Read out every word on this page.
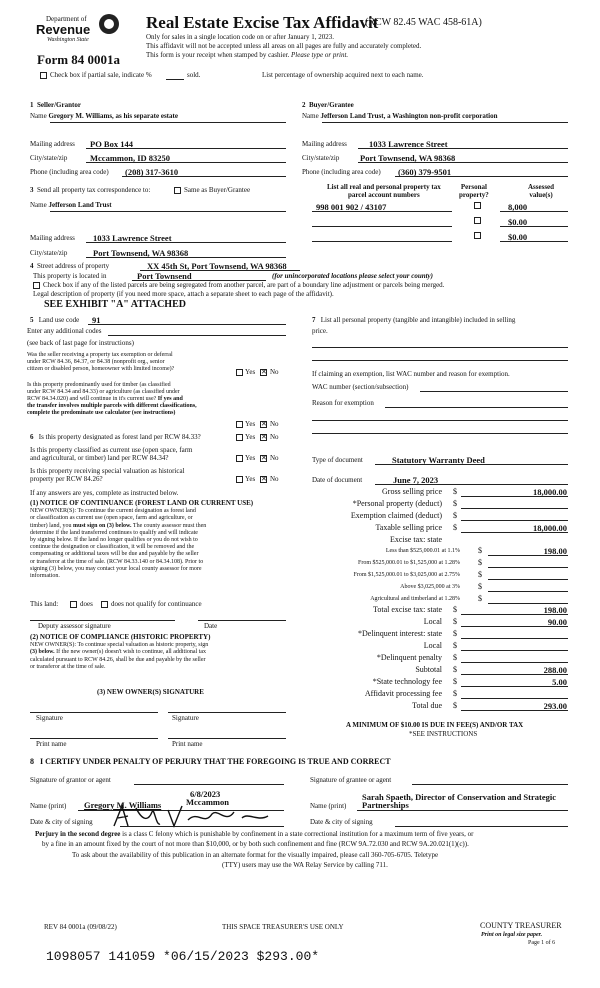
Department of
Revenue
Washington State
Form 84 0001a
Real Estate Excise Tax Affidavit
(RCW 82.45 WAC 458-61A)
Only for sales in a single location code on or after January 1, 2023.
This affidavit will not be accepted unless all areas on all pages are fully and accurately completed.
This form is your receipt when stamped by cashier. Please type or print.
Check box if partial sale, indicate %	sold.	List percentage of ownership acquired next to each name.
1 Seller/Grantor
Name Gregory M. Williams, as his separate estate
Mailing address PO Box 144
City/state/zip	Mccammon, ID 83250
Phone (including area code) (208) 317-3610
2 Buyer/Grantee
Name Jefferson Land Trust, a Washington non-profit corporation
Mailing address	1033 Lawrence Street
City/state/zip Port Townsend, WA 98368
Phone (including area code) (360) 379-9501
List all real and personal property tax
parcel account numbers
Personal
property?
Assessed
value(s)
998 001 902 / 43107	8,000
$0.00
$0.00
3 Send all property tax correspondence to:	Same as Buyer/Grantee
Name Jefferson Land Trust
Mailing address 1033 Lawrence Street
City/state/zip	Port Townsend, WA 98368
4 Street address of property	XX 45th St, Port Townsend, WA 98368
This property is located in	Port Townsend	(for unincorporated locations please select your county)
Check box if any of the listed parcels are being segregated from another parcel, are part of a boundary line adjustment or parcels being merged.
Legal description of property (if you need more space, attach a separate sheet to each page of the affidavit).
SEE EXHIBIT "A" ATTACHED
5 Land use code 91
Enter any additional codes
(see back of last page for instructions)
Was the seller receiving a property tax exemption or deferral
under RCW 84.36, 84.37, or 84.38 (nonprofit org., senior
citizen or disabled person, homeowner with limited income)?	Yes ✕ No
Is this property predominantly used for timber (as classified
under RCW 84.34 and 84.33) or agriculture (as classified under
RCW 84.34.020) and will continue in it's current use? If yes and
the transfer involves multiple parcels with different classifications,
complete the predominate use calculator (see instructions)
Yes ✕ No
6 Is this property designated as forest land per RCW 84.33?	Yes ✕ No
Is this property classified as current use (open space, farm
and agricultural, or timber) land per RCW 84.34?	Yes ✕ No
Is this property receiving special valuation as historical
property per RCW 84.26?	Yes ✕ No
If any answers are yes, complete as instructed below.
(1) NOTICE OF CONTINUANCE (FOREST LAND OR CURRENT USE)
NEW OWNER(S): To continue the current designation as forest land
or classification as current use (open space, farm and agriculture, or
timber) land, you must sign on (3) below. The county assessor must then
determine if the land transferred continues to qualify and will indicate
by signing below. If the land no longer qualifies or you do not wish to
continue the designation or classification, it will be removed and the
compensating or additional taxes will be due and payable by the seller
or transferor at the time of sale. (RCW 84.33.140 or 84.34.108). Prior to
signing (3) below, you may contact your local county assessor for more
information.
This land:	does	does not qualify for continuance
Deputy assessor signature	Date
(2) NOTICE OF COMPLIANCE (HISTORIC PROPERTY)
NEW OWNER(S): To continue special valuation as historic property, sign
(3) below. If the new owner(s) doesn't wish to continue, all additional tax
calculated pursuant to RCW 84.26, shall be due and payable by the seller
or transferor at the time of sale.
(3) NEW OWNER(S) SIGNATURE
Signature	Signature
Print name	Print name
7 List all personal property (tangible and intangible) included in selling
price.
If claiming an exemption, list WAC number and reason for exemption.
WAC number (section/subsection)
Reason for exemption
Type of document	Statutory Warranty Deed
Date of document	June 7, 2023
Gross selling price $	18,000.00
*Personal property (deduct) $
Exemption claimed (deduct) $
Taxable selling price $	18,000.00
Excise tax: state
Less than $525,000.01 at 1.1% $	198.00
From $525,000.01 to $1,525,000 at 1.28% $
From $1,525,000.01 to $3,025,000 at 2.75% $
Above $3,025,000 at 3% $
Agricultural and timberland at 1.28% $
Total excise tax: state $	198.00
Local $	90.00
*Delinquent interest: state $
Local $
*Delinquent penalty $
Subtotal $	288.00
*State technology fee $	5.00
Affidavit processing fee $
Total due $	293.00
A MINIMUM OF $10.00 IS DUE IN FEE(S) AND/OR TAX
*SEE INSTRUCTIONS
8 I CERTIFY UNDER PENALTY OF PERJURY THAT THE FOREGOING IS TRUE AND CORRECT
Signature of grantor or agent	Signature of grantee or agent
6/8/2023
Mccammon
Name (print) Gregory M. Williams
Sarah Spaeth, Director of Conservation and Strategic
Name (print) Partnerships
Date & city of signing	Date & city of signing
Perjury in the second degree is a class C felony which is punishable by confinement in a state correctional institution for a maximum term of five years, or
by a fine in an amount fixed by the court of not more than $10,000, or by both such confinement and fine (RCW 9A.72.030 and RCW 9A.20.021(1)(c)).
To ask about the availability of this publication in an alternate format for the visually impaired, please call 360-705-6705. Teletype
(TTY) users may use the WA Relay Service by calling 711.
REV 84 0001a (09/08/22)	THIS SPACE TREASURER'S USE ONLY	COUNTY TREASURER
Print on legal size paper.
Page 1 of 6
1098057 141059 *06/15/2023 $293.00*
